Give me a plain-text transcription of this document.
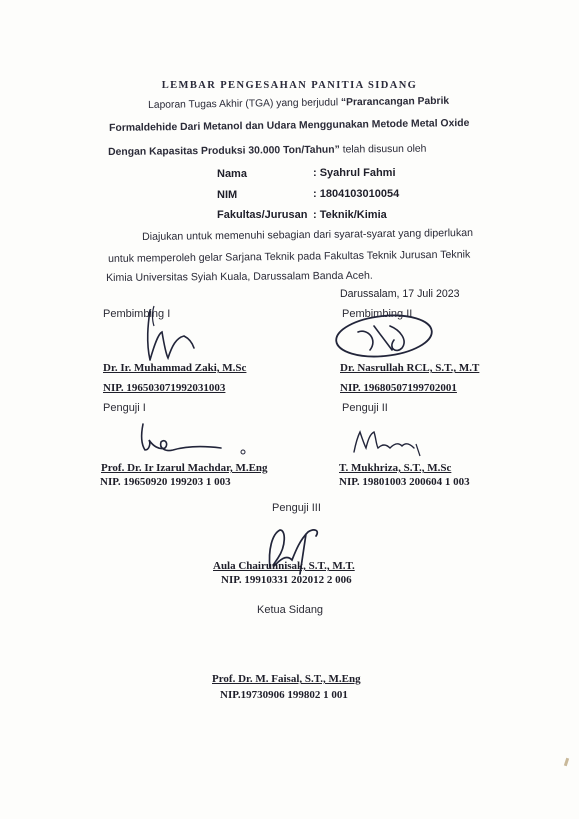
LEMBAR PENGESAHAN PANITIA SIDANG
Laporan Tugas Akhir (TGA) yang berjudul “Prarancangan Pabrik
Formaldehide Dari Metanol dan Udara Menggunakan Metode Metal Oxide
Dengan Kapasitas Produksi 30.000 Ton/Tahun” telah disusun oleh
Nama	: Syahrul Fahmi
NIM	: 1804103010054
Fakultas/Jurusan : Teknik/Kimia
Diajukan untuk memenuhi sebagian dari syarat-syarat yang diperlukan
untuk memperoleh gelar Sarjana Teknik pada Fakultas Teknik Jurusan Teknik
Kimia Universitas Syiah Kuala, Darussalam Banda Aceh.
Darussalam, 17 Juli 2023
Pembimbing I
Dr. Ir. Muhammad Zaki, M.Sc
NIP. 196503071992031003
Pembimbing II
Dr. Nasrullah RCL, S.T., M.T
NIP. 19680507199702001
Penguji I
Prof. Dr. Ir Izarul Machdar, M.Eng
NIP. 19650920 199203 1 003
Penguji II
T. Mukhriza, S.T., M.Sc
NIP. 19801003 200604 1 003
Penguji III
Aula Chairunnisak, S.T., M.T.
NIP. 19910331 202012 2 006
Ketua Sidang
Prof. Dr. M. Faisal, S.T., M.Eng
NIP.19730906 199802 1 001
